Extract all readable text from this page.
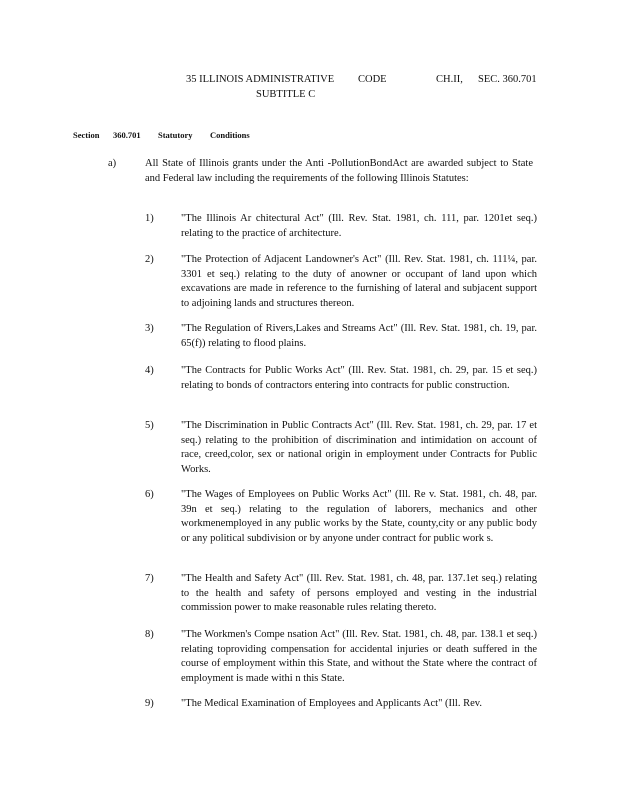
35 ILLINOIS ADMINISTRATIVE CODE	CH.II, SEC. 360.701
SUBTITLE C
Section 360.701 Statutory Conditions
a)	All State of Illinois grants under the Anti -PollutionBondAct are awarded subject to State and Federal law including the requirements of the following Illinois Statutes:
1)	"The Illinois Ar chitectural Act" (Ill. Rev. Stat. 1981, ch. 111, par. 1201et seq.) relating to the practice of architecture.
2)	"The Protection of Adjacent Landowner's Act" (Ill. Rev. Stat. 1981, ch. 111¼, par. 3301 et seq.) relating to the duty of anowner or occupant of land upon which excavations are made in reference to the furnishing of lateral and subjacent support to adjoining lands and structures thereon.
3)	"The Regulation of Rivers,Lakes and Streams Act" (Ill. Rev. Stat. 1981, ch. 19, par. 65(f)) relating to flood plains.
4)	"The Contracts for Public Works Act" (Ill. Rev. Stat. 1981, ch. 29, par. 15 et seq.) relating to bonds of contractors entering into contracts for public construction.
5)	"The Discrimination in Public Contracts Act" (Ill. Rev. Stat. 1981, ch. 29, par. 17 et seq.) relating to the prohibition of discrimination and intimidation on account of race, creed,color, sex or national origin in employment under Contracts for Public Works.
6)	"The Wages of Employees on Public Works Act" (Ill. Re v. Stat. 1981, ch. 48, par. 39n et seq.) relating to the regulation of laborers, mechanics and other workmenemployed in any public works by the State, county,city or any public body or any political subdivision or by anyone under contract for public work s.
7)	"The Health and Safety Act" (Ill. Rev. Stat. 1981, ch. 48, par. 137.1et seq.) relating to the health and safety of persons employed and vesting in the industrial commission power to make reasonable rules relating thereto.
8)	"The Workmen's Compe nsation Act" (Ill. Rev. Stat. 1981, ch. 48, par. 138.1 et seq.) relating toproviding compensation for accidental injuries or death suffered in the course of employment within this State, and without the State where the contract of employment is made withi n this State.
9)	"The Medical Examination of Employees and Applicants Act" (Ill. Rev.
